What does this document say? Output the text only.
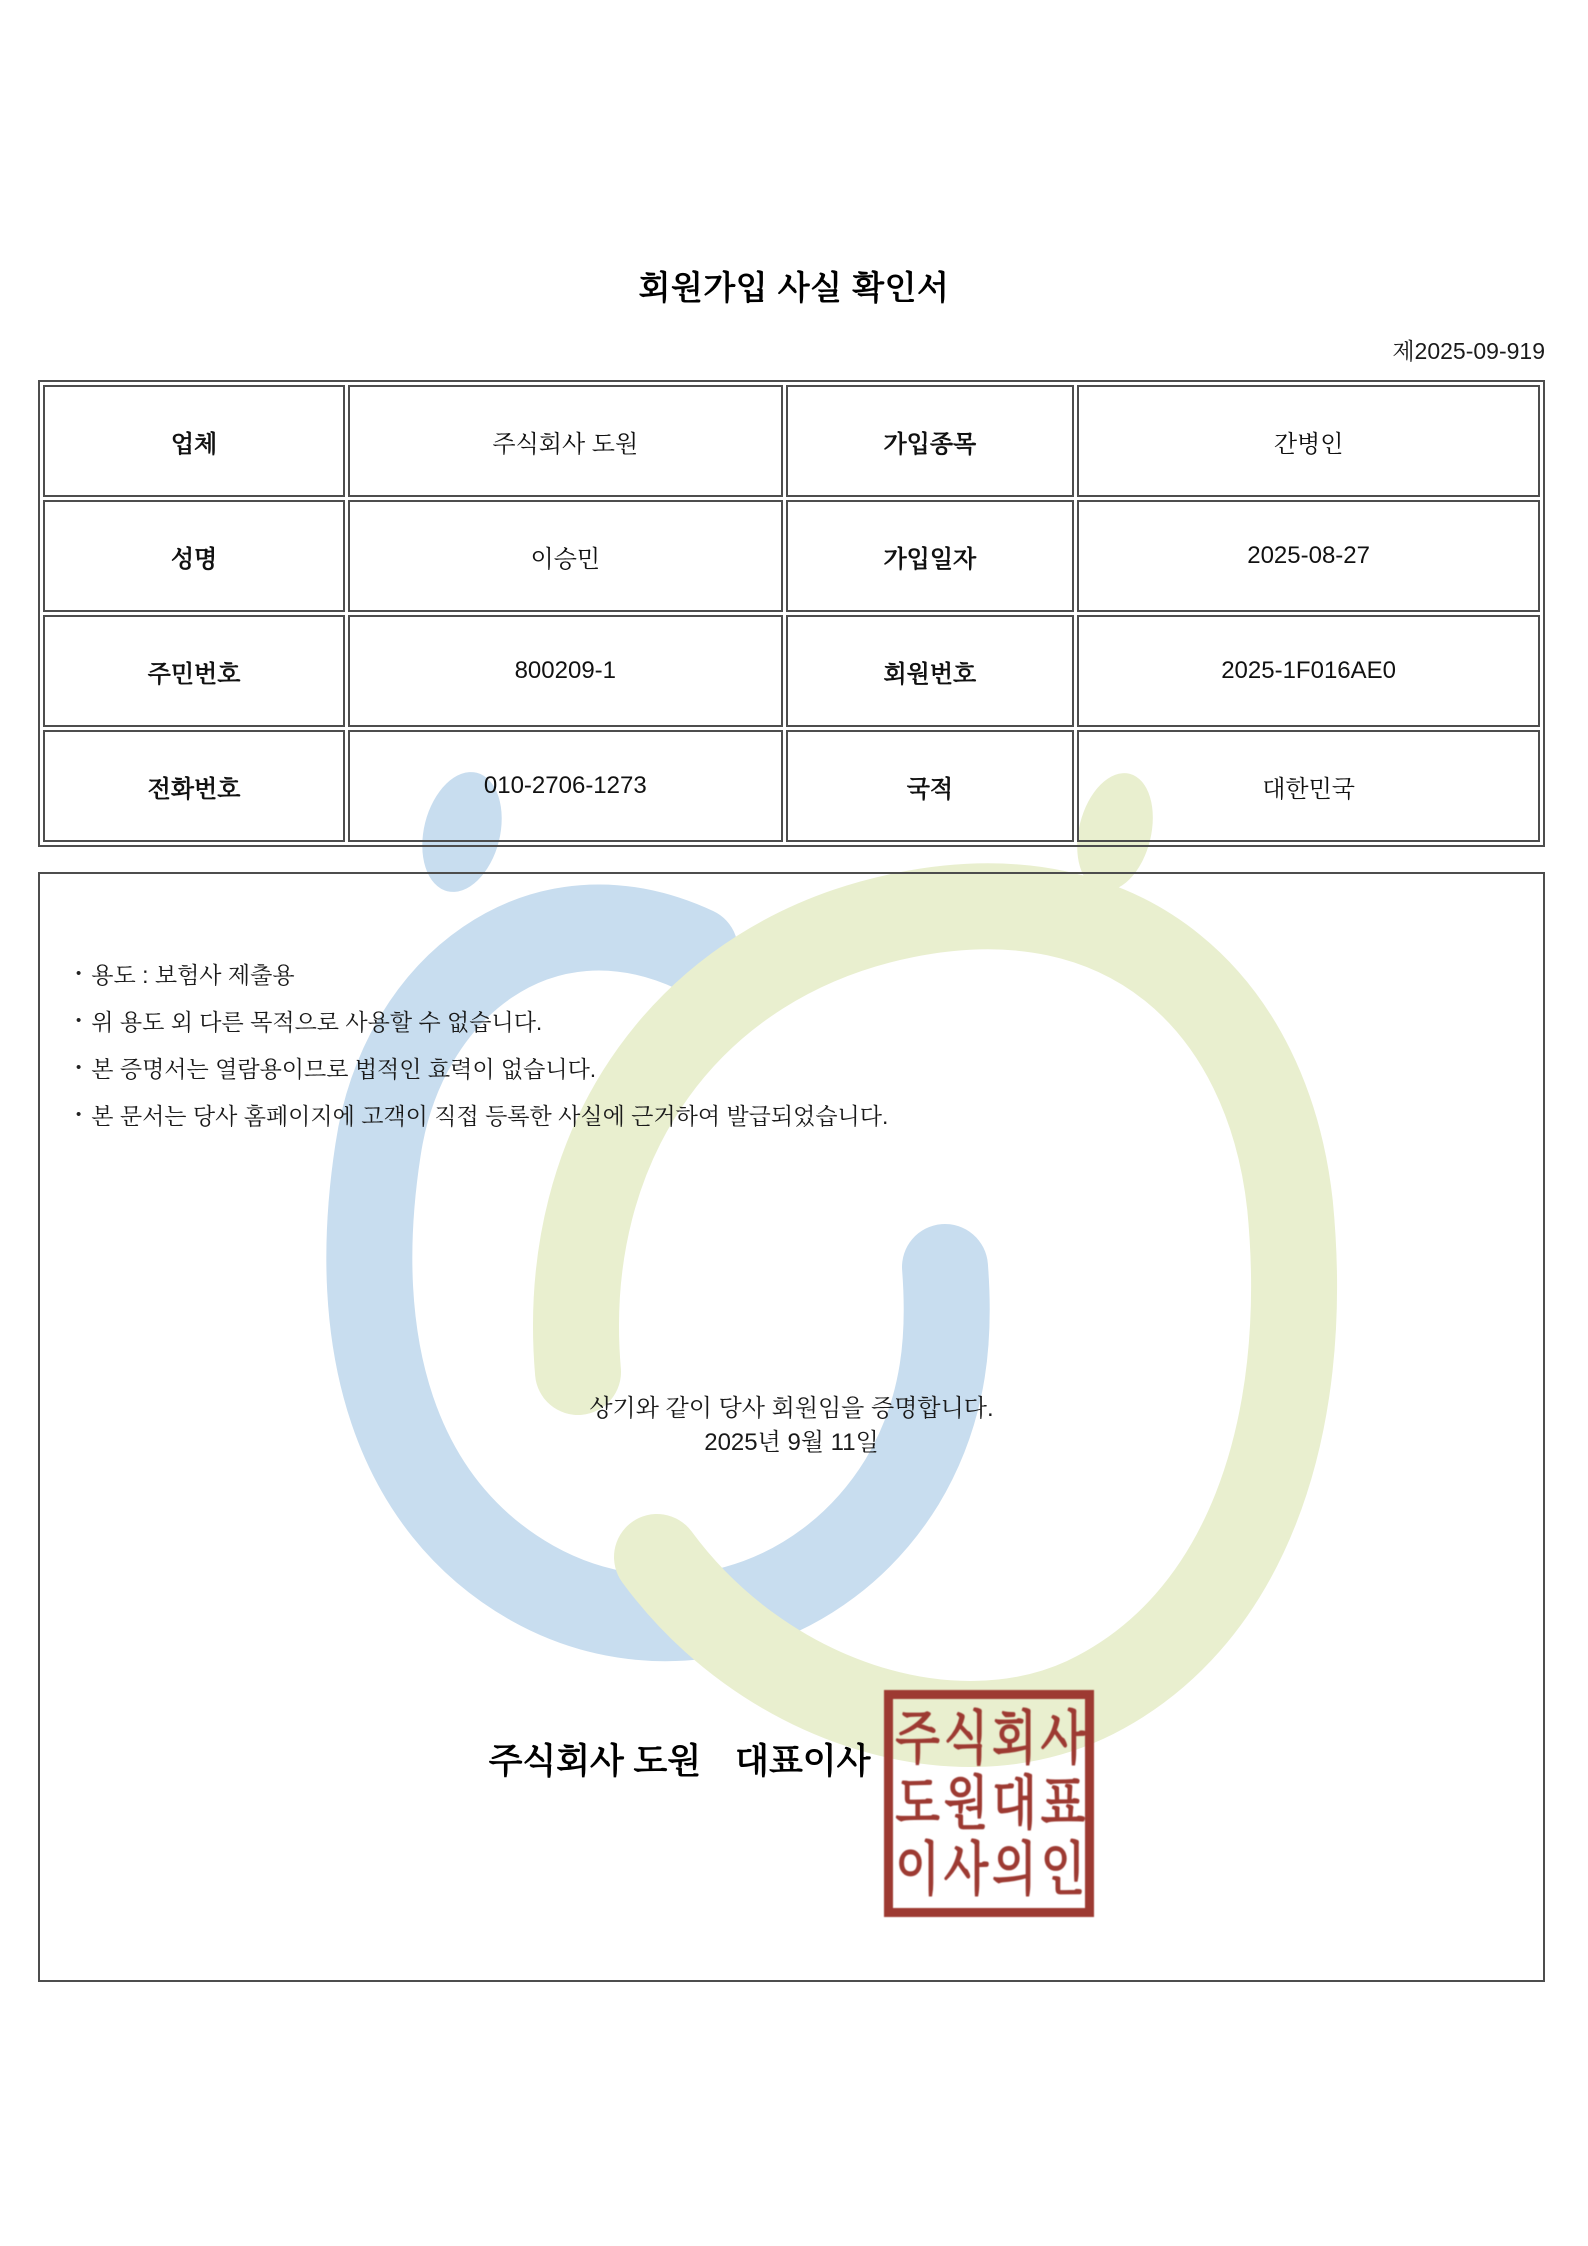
회원가입 사실 확인서
제2025-09-919
업체	주식회사 도원	가입종목	간병인
성명	이승민	가입일자	2025-08-27
주민번호	800209-1	회원번호	2025-1F016AE0
전화번호	010-2706-1273	국적	대한민국
• 용도 : 보험사 제출용
• 위 용도 외 다른 목적으로 사용할 수 없습니다.
• 본 증명서는 열람용이므로 법적인 효력이 없습니다.
• 본 문서는 당사 홈페이지에 고객이 직접 등록한 사실에 근거하여 발급되었습니다.
상기와 같이 당사 회원임을 증명합니다.
2025년 9월 11일
주식회사 도원 대표이사 주식회사
도원대표
이사의인
